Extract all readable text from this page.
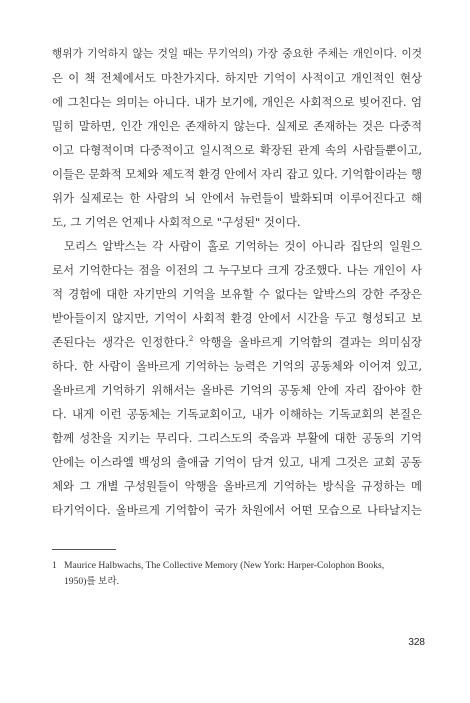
행위가 기억하지 않는 것일 때는 무기억의) 가장 중요한 주체는 개인이다. 이것
은 이 책 전체에서도 마찬가지다. 하지만 기억이 사적이고 개인적인 현상
에 그친다는 의미는 아니다. 내가 보기에, 개인은 사회적으로 빚어진다. 엄
밀히 말하면, 인간 개인은 존재하지 않는다. 실제로 존재하는 것은 다중적
이고 다형적이며 다중적이고 일시적으로 확장된 관계 속의 사람들뿐이고,
이들은 문화적 모체와 제도적 환경 안에서 자리 잡고 있다. 기억함이라는 행
위가 실제로는 한 사람의 뇌 안에서 뉴런들이 발화되며 이루어진다고 해
도, 그 기억은 언제나 사회적으로 "구성된" 것이다.
모리스 알박스는 각 사람이 홀로 기억하는 것이 아니라 집단의 일원으
로서 기억한다는 점을 이전의 그 누구보다 크게 강조했다. 나는 개인이 사
적 경험에 대한 자기만의 기억을 보유할 수 없다는 알박스의 강한 주장은
받아들이지 않지만, 기억이 사회적 환경 안에서 시간을 두고 형성되고 보
존된다는 생각은 인정한다.$^2$ 악행을 올바르게 기억함의 결과는 의미심장
하다. 한 사람이 올바르게 기억하는 능력은 기억의 공동체와 이어져 있고,
올바르게 기억하기 위해서는 올바른 기억의 공동체 안에 자리 잡아야 한
다. 내게 이런 공동체는 기독교회이고, 내가 이해하는 기독교회의 본질은
함께 성찬을 지키는 무리다. 그리스도의 죽음과 부활에 대한 공동의 기억
안에는 이스라엘 백성의 출애굽 기억이 담겨 있고, 내게 그것은 교회 공동
체와 그 개별 구성원들이 악행을 올바르게 기억하는 방식을 규정하는 메
타기억이다. 올바르게 기억함이 국가 차원에서 어떤 모습으로 나타날지는
1 Maurice Halbwachs, The Collective Memory (New York: Harper-Colophon Books,
1950)를 보라.
328
